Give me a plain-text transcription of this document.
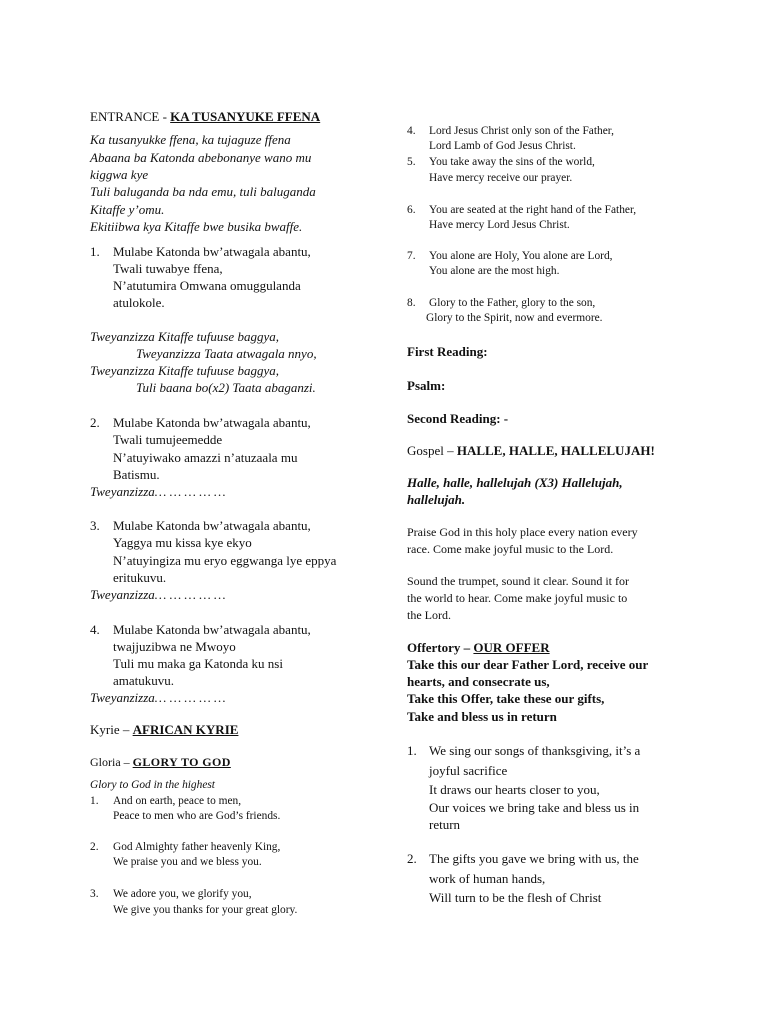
ENTRANCE - KA TUSANYUKE FFENA
Ka tusanyukke ffena, ka tujaguze ffena
Abaana ba Katonda abebonanye wano mu
kiggwa kye
Tuli baluganda ba nda emu, tuli baluganda
Kitaffe y’omu.
Ekitiibwa kya Kitaffe bwe busika bwaffe.
1. Mulabe Katonda bw’atwagala abantu,
Twali tuwabye ffena,
N’atutumira Omwana omuggulanda
atulokole.
Tweyanzizza Kitaffe tufuuse baggya,
Tweyanzizza Taata atwagala nnyo,
Tweyanzizza Kitaffe tufuuse baggya,
Tuli baana bo(x2) Taata abaganzi.
2. Mulabe Katonda bw’atwagala abantu,
Twali tumujeemedde
N’atuyiwako amazzi n’atuzaala mu
Batismu.
Tweyanzizza… … … … …
3. Mulabe Katonda bw’atwagala abantu,
Yaggya mu kissa kye ekyo
N’atuyingiza mu eryo eggwanga lye eppya
eritukuvu.
Tweyanzizza… … … … …
4. Mulabe Katonda bw’atwagala abantu,
twajjuzibwa ne Mwoyo
Tuli mu maka ga Katonda ku nsi
amatukuvu.
Tweyanzizza… … … … …
Kyrie – AFRICAN KYRIE
Gloria – GLORY TO GOD
Glory to God in the highest
1. And on earth, peace to men,
Peace to men who are God’s friends.
2. God Almighty father heavenly King,
We praise you and we bless you.
3. We adore you, we glorify you,
We give you thanks for your great glory.
4. Lord Jesus Christ only son of the Father,
Lord Lamb of God Jesus Christ.
5. You take away the sins of the world,
Have mercy receive our prayer.
6. You are seated at the right hand of the Father,
Have mercy Lord Jesus Christ.
7. You alone are Holy, You alone are Lord,
You alone are the most high.
8. Glory to the Father, glory to the son,
Glory to the Spirit, now and evermore.
First Reading:
Psalm:
Second Reading: -
Gospel – HALLE, HALLE, HALLELUJAH!
Halle, halle, hallelujah (X3) Hallelujah,
hallelujah.
Praise God in this holy place every nation every
race. Come make joyful music to the Lord.
Sound the trumpet, sound it clear. Sound it for
the world to hear. Come make joyful music to
the Lord.
Offertory – OUR OFFER
Take this our dear Father Lord, receive our
hearts, and consecrate us,
Take this Offer, take these our gifts,
Take and bless us in return
1. We sing our songs of thanksgiving, it’s a
joyful sacrifice
It draws our hearts closer to you,
Our voices we bring take and bless us in
return
2. The gifts you gave we bring with us, the
work of human hands,
Will turn to be the flesh of Christ
